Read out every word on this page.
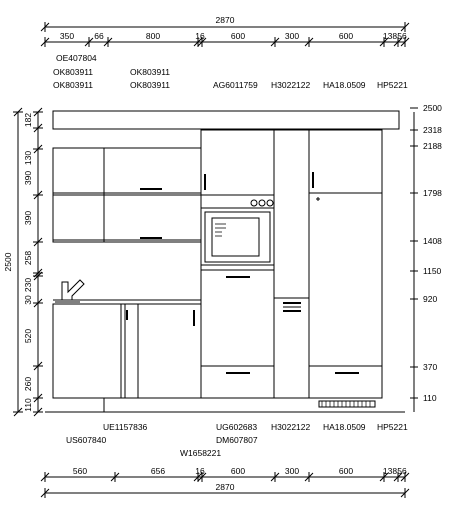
2870
350 66	800	16	600	300	600	138 56
OE407804
OK803911	OK803911
OK803911	OK803911	AG6011759 H3022122 HA18.0509 HP5221
2500
130
182
390
390
258
30
230
520
260
110
2500
2318
2188
1798
1408
1150
920
370
110
UE1157836	UG602683 H3022122 HA18.0509 HP5221
US607840	DM607807
W1658221
560	656	16	600	300	600	138 56
2870
